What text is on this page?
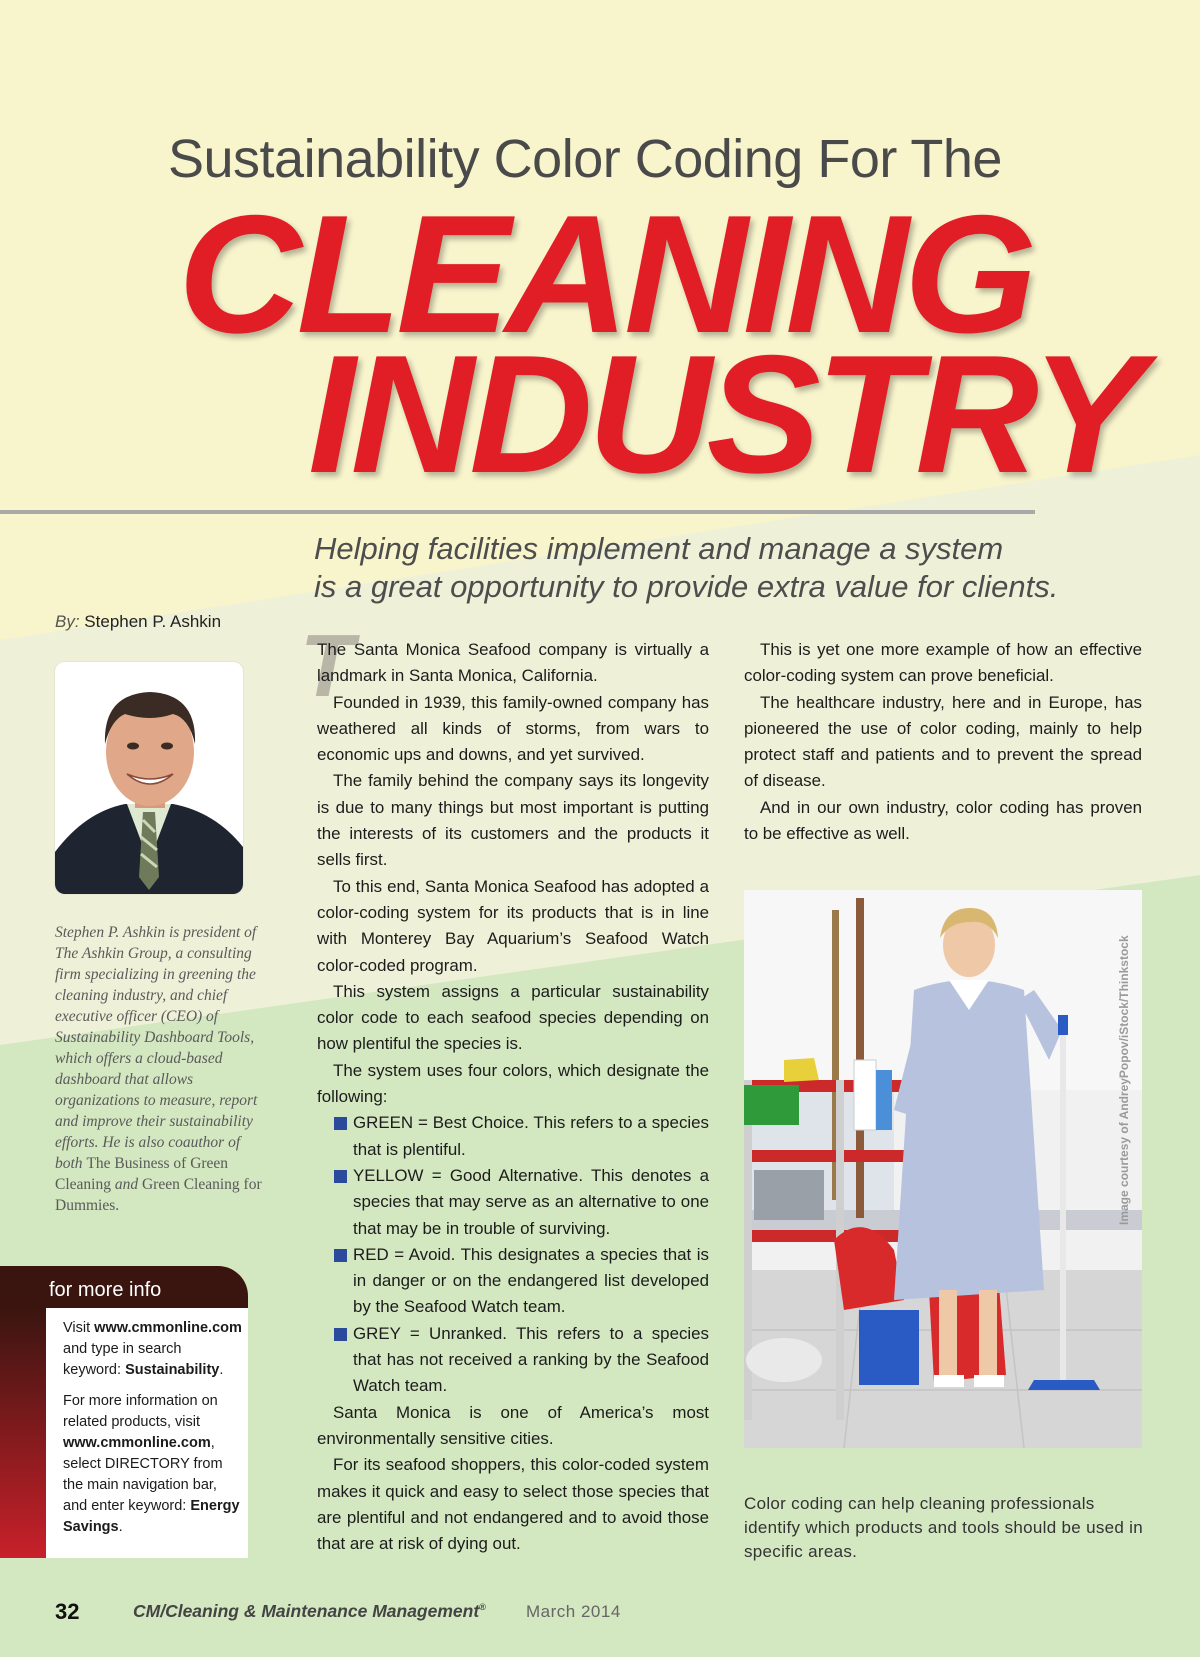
Sustainability Color Coding For The
CLEANING
INDUSTRY
Helping facilities implement and manage a system
is a great opportunity to provide extra value for clients.
By: Stephen P. Ashkin
Stephen P. Ashkin is president of The Ashkin Group, a consulting firm specializing in greening the cleaning industry, and chief executive officer (CEO) of Sustainability Dashboard Tools, which offers a cloud-based dashboard that allows organizations to measure, report and improve their sustainability efforts. He is also coauthor of both The Business of Green Cleaning and Green Cleaning for Dummies.
for more info

Visit www.cmmonline.com and type in search keyword: Sustainability.

For more information on related products, visit www.cmmonline.com, select DIRECTORY from the main navigation bar, and enter keyword: Energy Savings.

T

The Santa Monica Seafood company is virtually a landmark in Santa Monica, California.

Founded in 1939, this family-owned company has weathered all kinds of storms, from wars to economic ups and downs, and yet survived.

The family behind the company says its longevity is due to many things but most important is putting the interests of its customers and the products it sells first.

To this end, Santa Monica Seafood has adopted a color-coding system for its products that is in line with Monterey Bay Aquarium’s Seafood Watch color-coded program.

This system assigns a particular sustainability color code to each seafood species depending on how plentiful the species is.

The system uses four colors, which designate the following:

GREEN = Best Choice. This refers to a species that is plentiful.
YELLOW = Good Alternative. This denotes a species that may serve as an alternative to one that may be in trouble of surviving.
RED = Avoid. This designates a species that is in danger or on the endangered list developed by the Seafood Watch team.
GREY = Unranked. This refers to a species that has not received a ranking by the Seafood Watch team.

Santa Monica is one of America’s most environmentally sensitive cities.

For its seafood shoppers, this color-coded system makes it quick and easy to select those species that are plentiful and not endangered and to avoid those that are at risk of dying out.

This is yet one more example of how an effective color-coding system can prove beneficial.

The healthcare industry, here and in Europe, has pioneered the use of color coding, mainly to help protect staff and patients and to prevent the spread of disease.

And in our own industry, color coding has proven to be effective as well.

Image courtesy of AndreyPopov/iStock/Thinkstock
Color coding can help cleaning professionals identify which products and tools should be used in specific areas.
32	CM/Cleaning & Maintenance Management® March 2014
